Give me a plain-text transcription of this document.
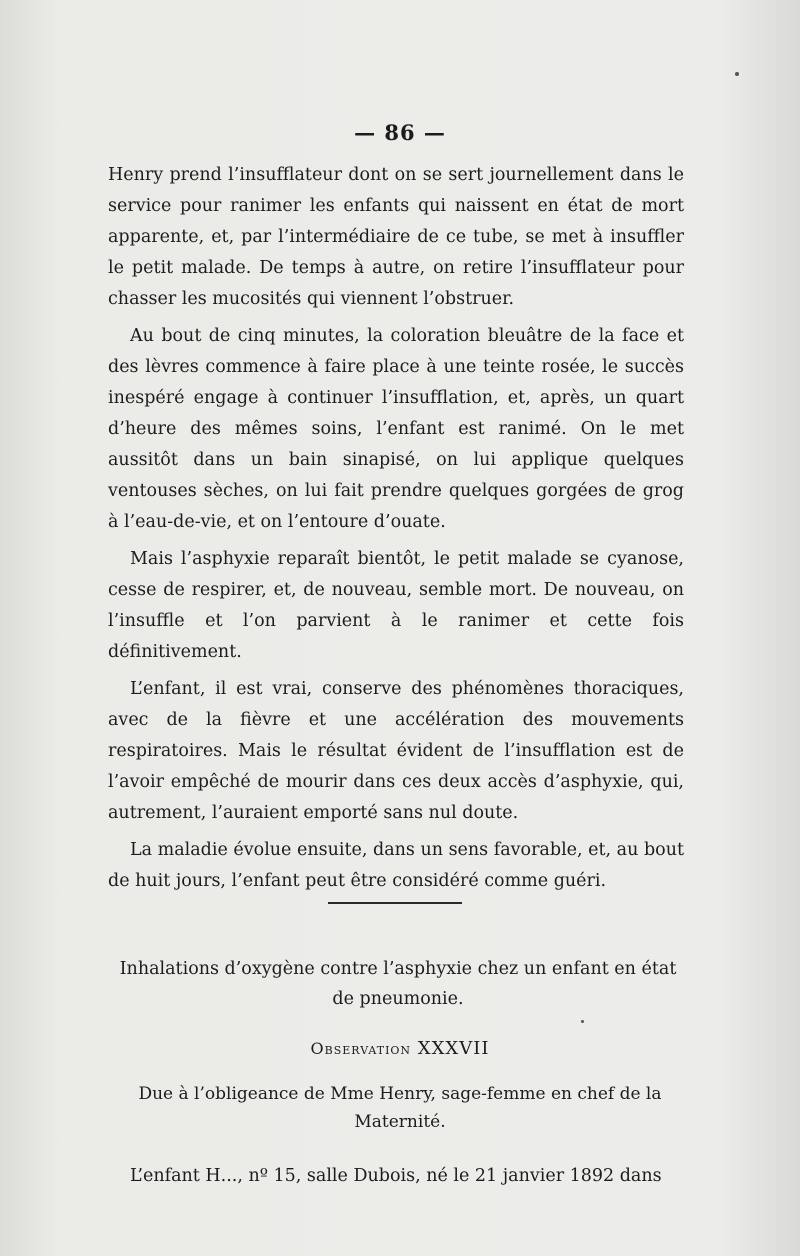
— 86 —

Henry prend l’insufflateur dont on se sert journellement dans le service pour ranimer les enfants qui naissent en état de mort apparente, et, par l’intermédiaire de ce tube, se met à insuffler le petit malade. De temps à autre, on retire l’insufflateur pour chasser les mucosités qui viennent l’obstruer.

Au bout de cinq minutes, la coloration bleuâtre de la face et des lèvres commence à faire place à une teinte rosée, le succès inespéré engage à continuer l’insufflation, et, après, un quart d’heure des mêmes soins, l’enfant est ranimé. On le met aussitôt dans un bain sinapisé, on lui applique quelques ventouses sèches, on lui fait prendre quelques gorgées de grog à l’eau-de-vie, et on l’entoure d’ouate.

Mais l’asphyxie reparaît bientôt, le petit malade se cyanose, cesse de respirer, et, de nouveau, semble mort. De nouveau, on l’insuffle et l’on parvient à le ranimer et cette fois définitivement.

L’enfant, il est vrai, conserve des phénomènes thoraciques, avec de la fièvre et une accélération des mouvements respiratoires. Mais le résultat évident de l’insufflation est de l’avoir empêché de mourir dans ces deux accès d’asphyxie, qui, autrement, l’auraient emporté sans nul doute.

La maladie évolue ensuite, dans un sens favorable, et, au bout de huit jours, l’enfant peut être considéré comme guéri.

Inhalations d’oxygène contre l’asphyxie chez un enfant en état de pneumonie.
Observation XXXVII
Due à l’obligeance de Mme Henry, sage-femme en chef de la Maternité.
L’enfant H..., nº 15, salle Dubois, né le 21 janvier 1892 dans
